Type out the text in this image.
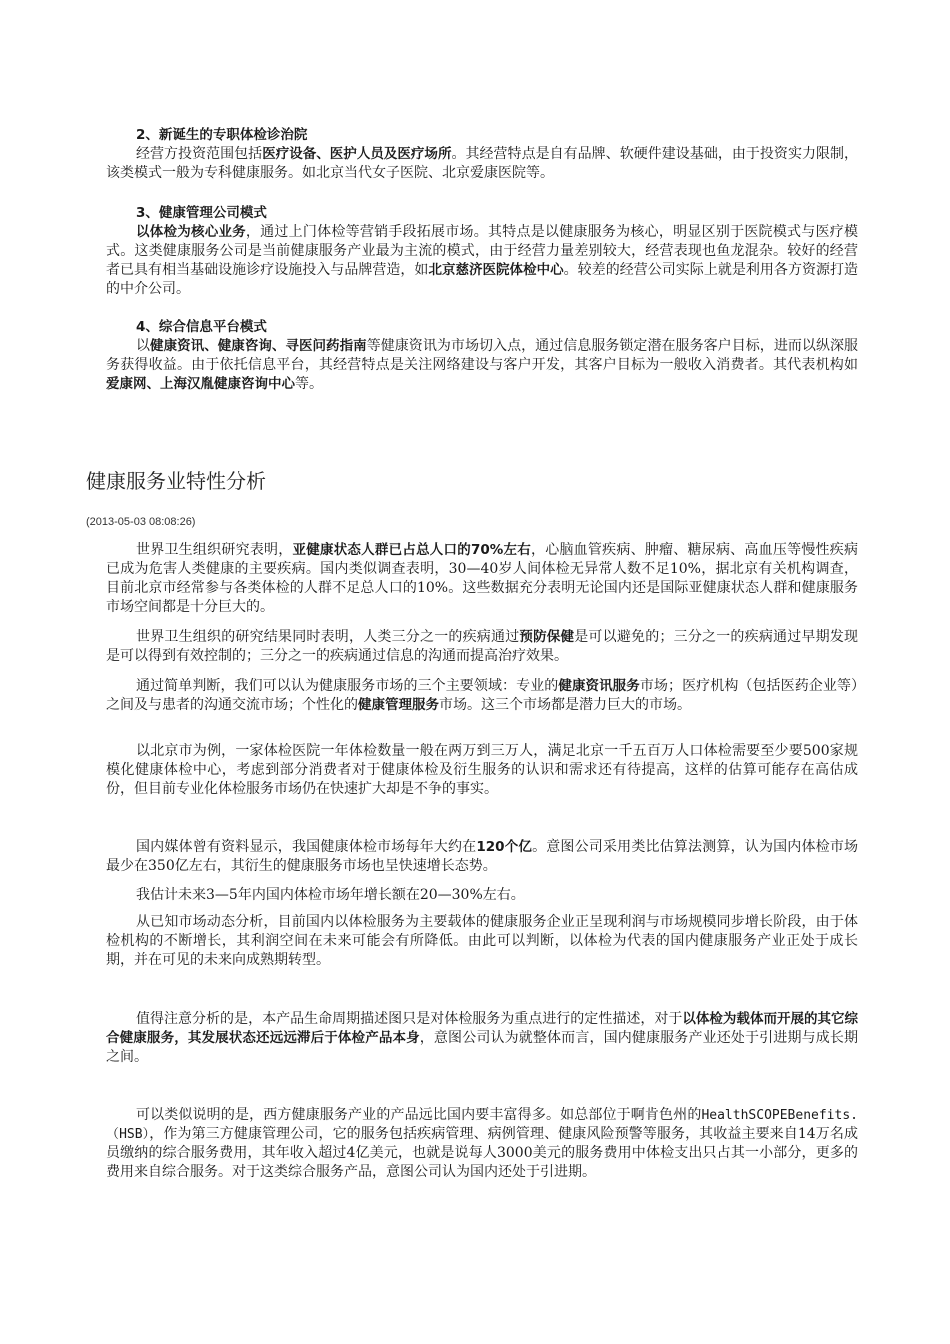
2、新诞生的专职体检诊治院

经营方投资范围包括医疗设备、医护人员及医疗场所。其经营特点是自有品牌、软硬件建设基础，由于投资实力限制，该类模式一般为专科健康服务。如北京当代女子医院、北京爱康医院等。

3、健康管理公司模式

以体检为核心业务，通过上门体检等营销手段拓展市场。其特点是以健康服务为核心，明显区别于医院模式与医疗模式。这类健康服务公司是当前健康服务产业最为主流的模式，由于经营力量差别较大，经营表现也鱼龙混杂。较好的经营者已具有相当基础设施诊疗设施投入与品牌营造，如北京慈济医院体检中心。较差的经营公司实际上就是利用各方资源打造的中介公司。

4、综合信息平台模式

以健康资讯、健康咨询、寻医问药指南等健康资讯为市场切入点，通过信息服务锁定潜在服务客户目标，进而以纵深服务获得收益。由于依托信息平台，其经营特点是关注网络建设与客户开发，其客户目标为一般收入消费者。其代表机构如爱康网、上海汉胤健康咨询中心等。

健康服务业特性分析
(2013-05-03 08:08:26)

世界卫生组织研究表明，亚健康状态人群已占总人口的70%左右，心脑血管疾病、肿瘤、糖尿病、高血压等慢性疾病已成为危害人类健康的主要疾病。国内类似调查表明，30—40岁人间体检无异常人数不足10%，据北京有关机构调查，目前北京市经常参与各类体检的人群不足总人口的10%。这些数据充分表明无论国内还是国际亚健康状态人群和健康服务市场空间都是十分巨大的。

世界卫生组织的研究结果同时表明，人类三分之一的疾病通过预防保健是可以避免的；三分之一的疾病通过早期发现是可以得到有效控制的；三分之一的疾病通过信息的沟通而提高治疗效果。

通过简单判断，我们可以认为健康服务市场的三个主要领域：专业的健康资讯服务市场；医疗机构（包括医药企业等）之间及与患者的沟通交流市场；个性化的健康管理服务市场。这三个市场都是潜力巨大的市场。

以北京市为例，一家体检医院一年体检数量一般在两万到三万人，满足北京一千五百万人口体检需要至少要500家规模化健康体检中心，考虑到部分消费者对于健康体检及衍生服务的认识和需求还有待提高，这样的估算可能存在高估成份，但目前专业化体检服务市场仍在快速扩大却是不争的事实。

国内媒体曾有资料显示，我国健康体检市场每年大约在120个亿。意图公司采用类比估算法测算，认为国内体检市场最少在350亿左右，其衍生的健康服务市场也呈快速增长态势。

我估计未来3—5年内国内体检市场年增长额在20—30%左右。

从已知市场动态分析，目前国内以体检服务为主要载体的健康服务企业正呈现利润与市场规模同步增长阶段，由于体检机构的不断增长，其利润空间在未来可能会有所降低。由此可以判断，以体检为代表的国内健康服务产业正处于成长期，并在可见的未来向成熟期转型。

值得注意分析的是，本产品生命周期描述图只是对体检服务为重点进行的定性描述，对于以体检为载体而开展的其它综合健康服务，其发展状态还远远滞后于体检产品本身，意图公司认为就整体而言，国内健康服务产业还处于引进期与成长期之间。

可以类似说明的是，西方健康服务产业的产品远比国内要丰富得多。如总部位于啊肯色州的HealthSCOPEBenefits.（HSB），作为第三方健康管理公司，它的服务包括疾病管理、病例管理、健康风险预警等服务，其收益主要来自14万名成员缴纳的综合服务费用，其年收入超过4亿美元，也就是说每人3000美元的服务费用中体检支出只占其一小部分，更多的费用来自综合服务。对于这类综合服务产品，意图公司认为国内还处于引进期。
